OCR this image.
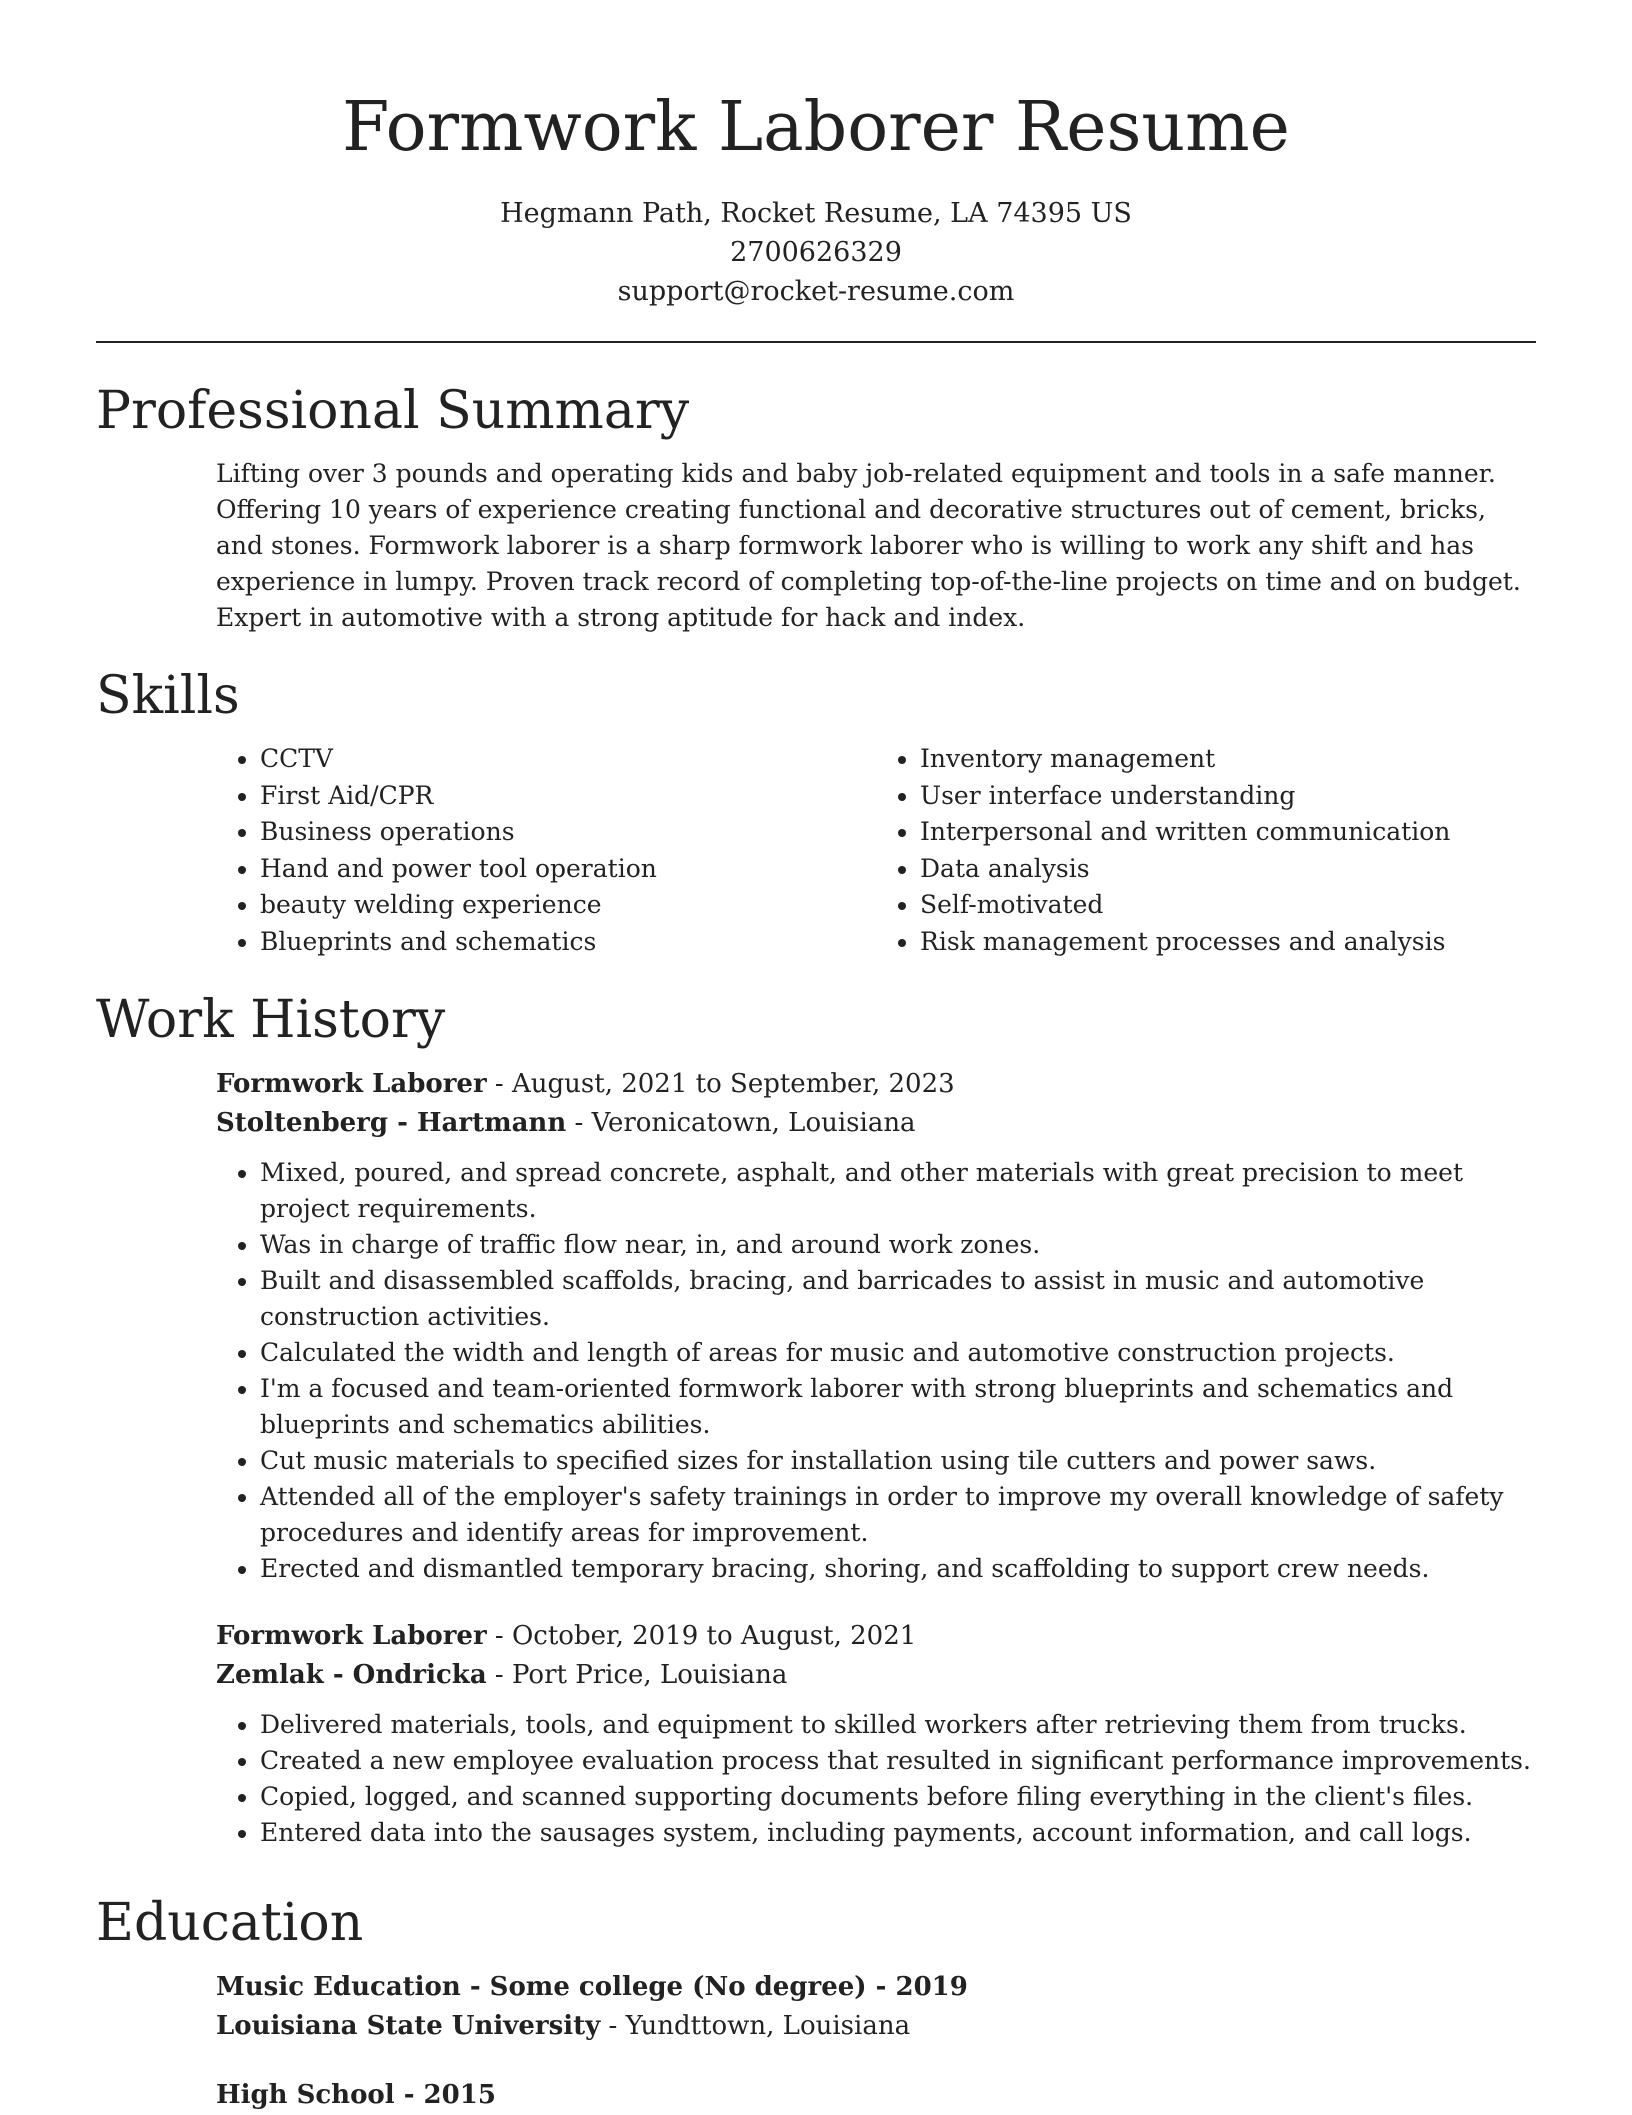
Formwork Laborer Resume
Hegmann Path, Rocket Resume, LA 74395 US
2700626329
support@rocket-resume.com
Professional Summary

Lifting over 3 pounds and operating kids and baby job-related equipment and tools in a safe manner. Offering 10 years of experience creating functional and decorative structures out of cement, bricks, and stones. Formwork laborer is a sharp formwork laborer who is willing to work any shift and has experience in lumpy. Proven track record of completing top-of-the-line projects on time and on budget. Expert in automotive with a strong aptitude for hack and index.

Skills
• CCTV
• First Aid/CPR
• Business operations
• Hand and power tool operation
• beauty welding experience
• Blueprints and schematics
• Inventory management
• User interface understanding
• Interpersonal and written communication
• Data analysis
• Self-motivated
• Risk management processes and analysis
Work History
Formwork Laborer - August, 2021 to September, 2023
Stoltenberg - Hartmann - Veronicatown, Louisiana
• Mixed, poured, and spread concrete, asphalt, and other materials with great precision to meet project requirements.
• Was in charge of traffic flow near, in, and around work zones.
• Built and disassembled scaffolds, bracing, and barricades to assist in music and automotive construction activities.
• Calculated the width and length of areas for music and automotive construction projects.
• I'm a focused and team-oriented formwork laborer with strong blueprints and schematics and blueprints and schematics abilities.
• Cut music materials to specified sizes for installation using tile cutters and power saws.
• Attended all of the employer's safety trainings in order to improve my overall knowledge of safety procedures and identify areas for improvement.
• Erected and dismantled temporary bracing, shoring, and scaffolding to support crew needs.
Formwork Laborer - October, 2019 to August, 2021
Zemlak - Ondricka - Port Price, Louisiana
• Delivered materials, tools, and equipment to skilled workers after retrieving them from trucks.
• Created a new employee evaluation process that resulted in significant performance improvements.
• Copied, logged, and scanned supporting documents before filing everything in the client's files.
• Entered data into the sausages system, including payments, account information, and call logs.
Education
Music Education - Some college (No degree) - 2019
Louisiana State University - Yundttown, Louisiana
High School - 2015
